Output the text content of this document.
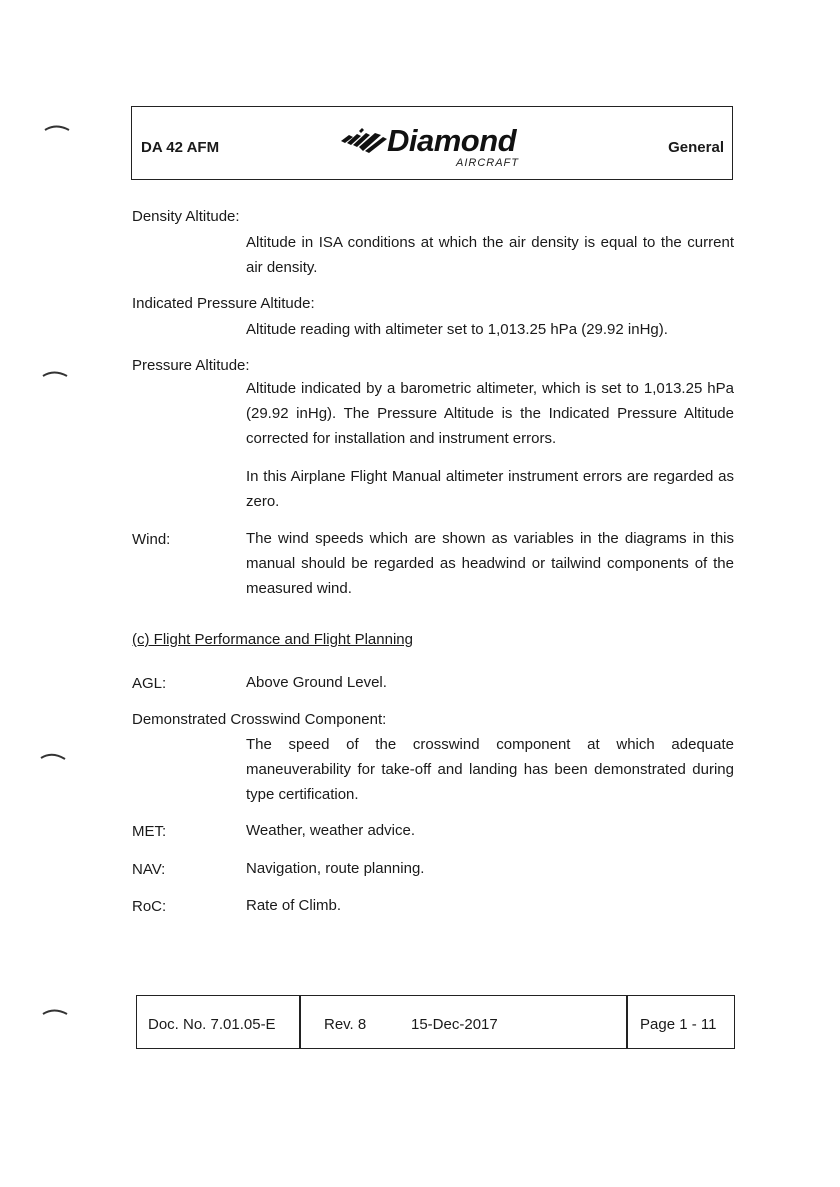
DA 42 AFM	Diamond
AIRCRAFT
General
Density Altitude:
Altitude in ISA conditions at which the air density is equal to the current air density.
Indicated Pressure Altitude:
Altitude reading with altimeter set to 1,013.25 hPa (29.92 inHg).
Pressure Altitude:
Altitude indicated by a barometric altimeter, which is set to 1,013.25 hPa (29.92 inHg). The Pressure Altitude is the Indicated Pressure Altitude corrected for installation and instrument errors.
In this Airplane Flight Manual altimeter instrument errors are regarded as zero.
Wind:	The wind speeds which are shown as variables in the diagrams in this manual should be regarded as headwind or tailwind components of the measured wind.
(c) Flight Performance and Flight Planning
AGL:	Above Ground Level.
Demonstrated Crosswind Component:
The speed of the crosswind component at which adequate maneuverability for take-off and landing has been demonstrated during type certification.
MET:	Weather, weather advice.
NAV:	Navigation, route planning.
RoC:	Rate of Climb.
Doc. No. 7.01.05-E	Rev. 8	15-Dec-2017	Page 1 - 11
